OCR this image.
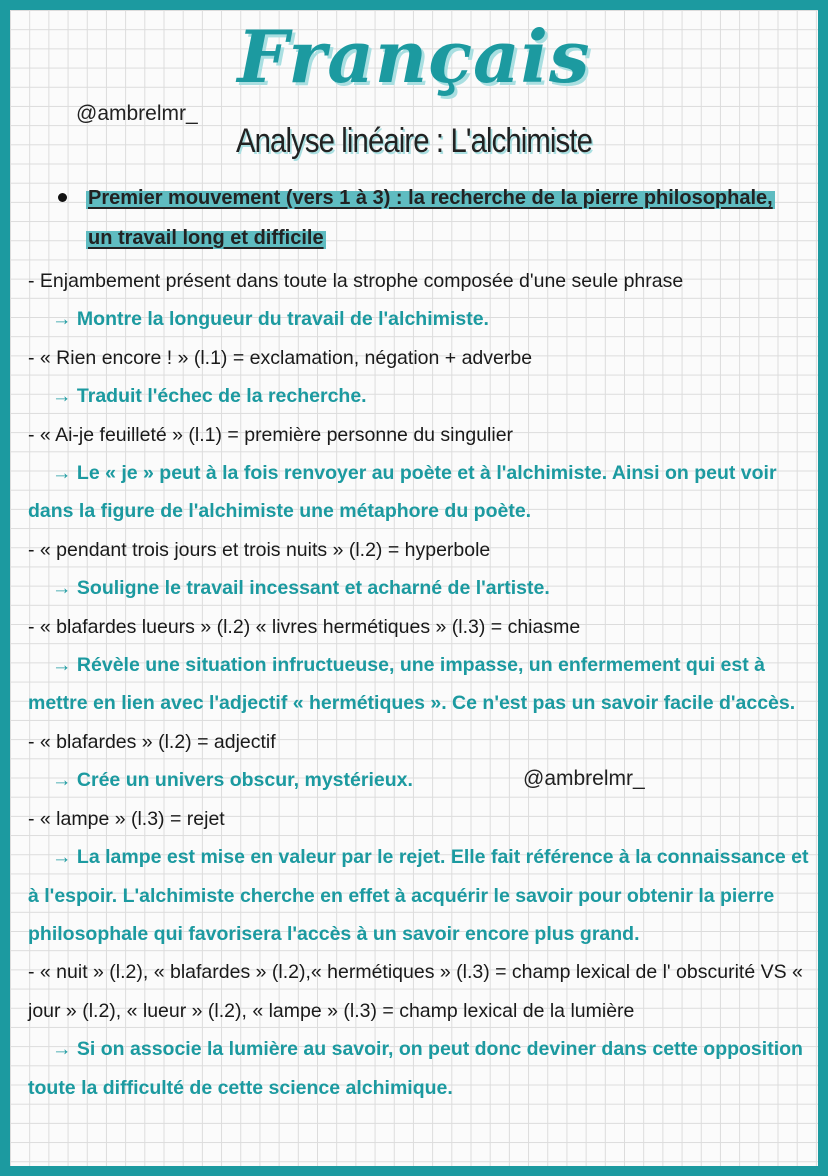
Français
@ambrelmr_
Analyse linéaire : L'alchimiste
Premier mouvement (vers 1 à 3) : la recherche de la pierre philosophale, un travail long et difficile

- Enjambement présent dans toute la strophe composée d'une seule phrase

→ Montre la longueur du travail de l'alchimiste.

- « Rien encore ! » (l.1) = exclamation, négation + adverbe

→ Traduit l'échec de la recherche.

- « Ai-je feuilleté » (l.1) = première personne du singulier

→ Le « je » peut à la fois renvoyer au poète et à l'alchimiste. Ainsi on peut voir dans la figure de l'alchimiste une métaphore du poète.

- « pendant trois jours et trois nuits » (l.2) = hyperbole

→ Souligne le travail incessant et acharné de l'artiste.

- « blafardes lueurs » (l.2) « livres hermétiques » (l.3) = chiasme

→ Révèle une situation infructueuse, une impasse, un enfermement qui est à mettre en lien avec l'adjectif « hermétiques ». Ce n'est pas un savoir facile d'accès.

- « blafardes » (l.2) = adjectif

→ Crée un univers obscur, mystérieux.

- « lampe » (l.3) = rejet

→ La lampe est mise en valeur par le rejet. Elle fait référence à la connaissance et à l'espoir. L'alchimiste cherche en effet à acquérir le savoir pour obtenir la pierre philosophale qui favorisera l'accès à un savoir encore plus grand.

- « nuit » (l.2), « blafardes » (l.2),« hermétiques » (l.3) = champ lexical de l' obscurité VS « jour » (l.2), « lueur » (l.2), « lampe » (l.3) = champ lexical de la lumière

→ Si on associe la lumière au savoir, on peut donc deviner dans cette opposition toute la difficulté de cette science alchimique.

@ambrelmr_
